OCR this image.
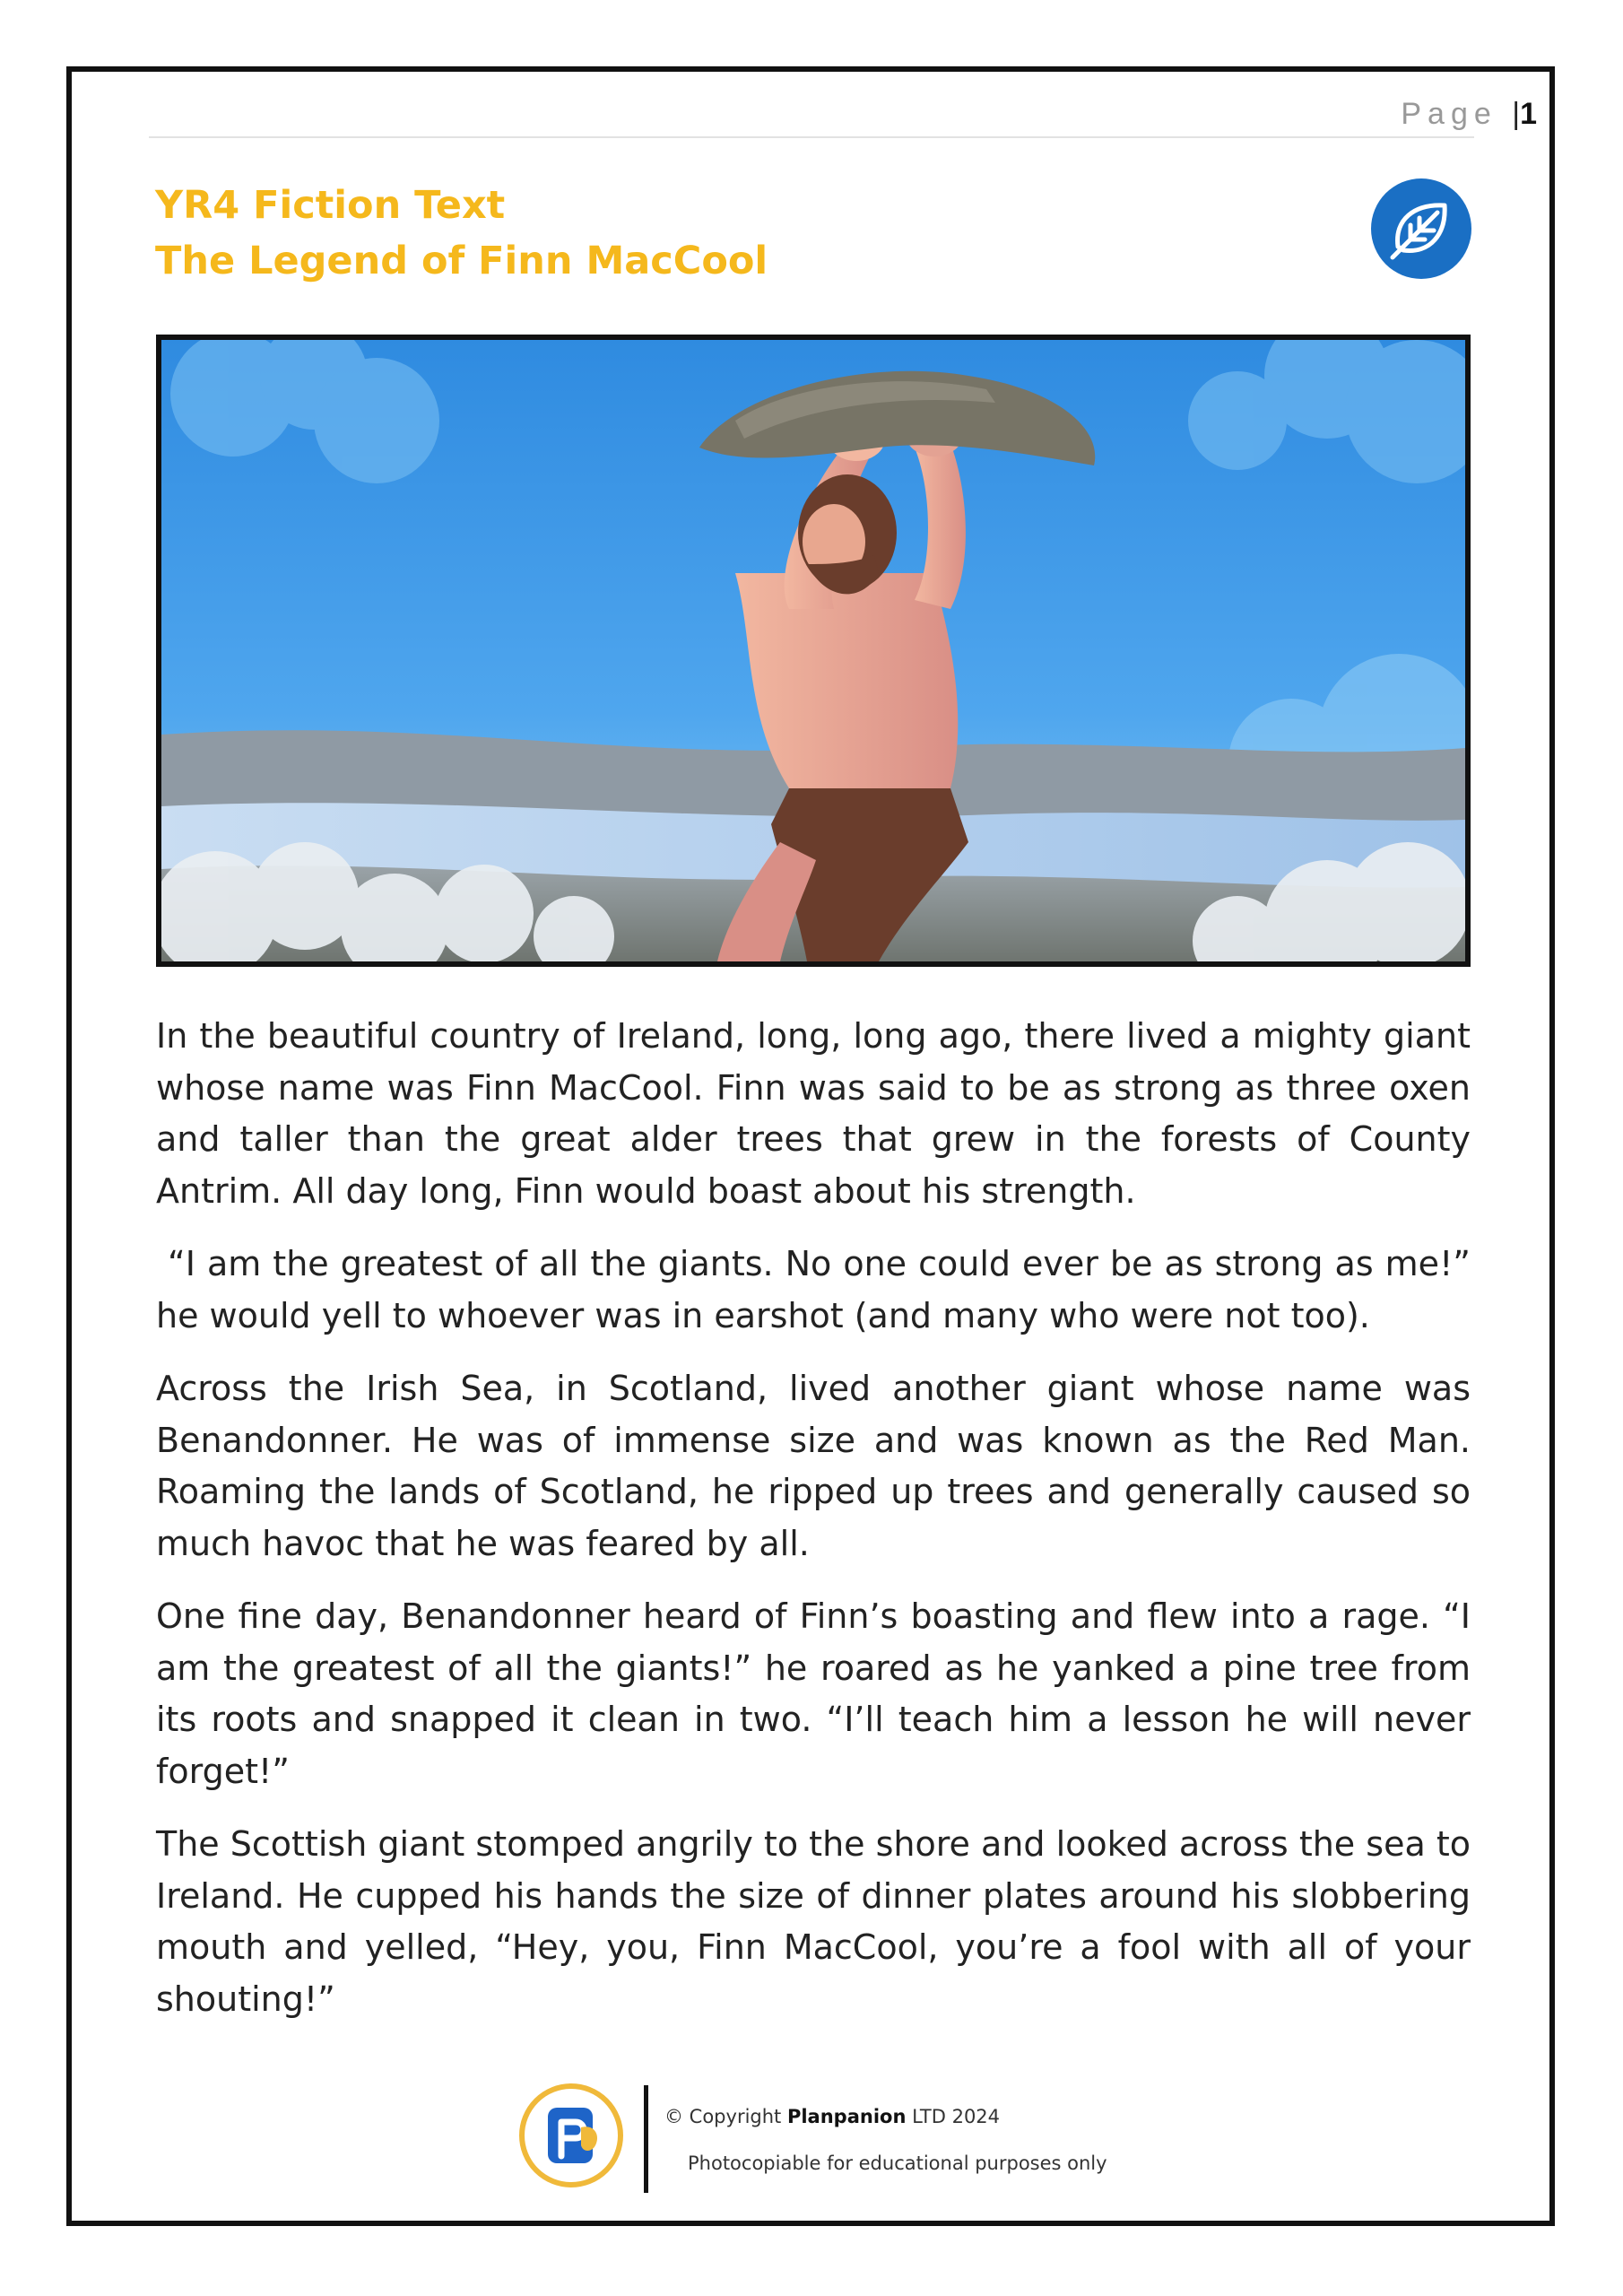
Page |1
YR4 Fiction Text
The Legend of Finn MacCool

In the beautiful country of Ireland, long, long ago, there lived a mighty giant whose name was Finn MacCool. Finn was said to be as strong as three oxen and taller than the great alder trees that grew in the forests of County Antrim. All day long, Finn would boast about his strength.

“I am the greatest of all the giants. No one could ever be as strong as me!” he would yell to whoever was in earshot (and many who were not too).

Across the Irish Sea, in Scotland, lived another giant whose name was Benandonner. He was of immense size and was known as the Red Man. Roaming the lands of Scotland, he ripped up trees and generally caused so much havoc that he was feared by all.

One fine day, Benandonner heard of Finn’s boasting and flew into a rage. “I am the greatest of all the giants!” he roared as he yanked a pine tree from its roots and snapped it clean in two. “I’ll teach him a lesson he will never forget!”

The Scottish giant stomped angrily to the shore and looked across the sea to Ireland. He cupped his hands the size of dinner plates around his slobbering mouth and yelled, “Hey, you, Finn MacCool, you’re a fool with all of your shouting!”

© Copyright Planpanion LTD 2024
Photocopiable for educational purposes only
